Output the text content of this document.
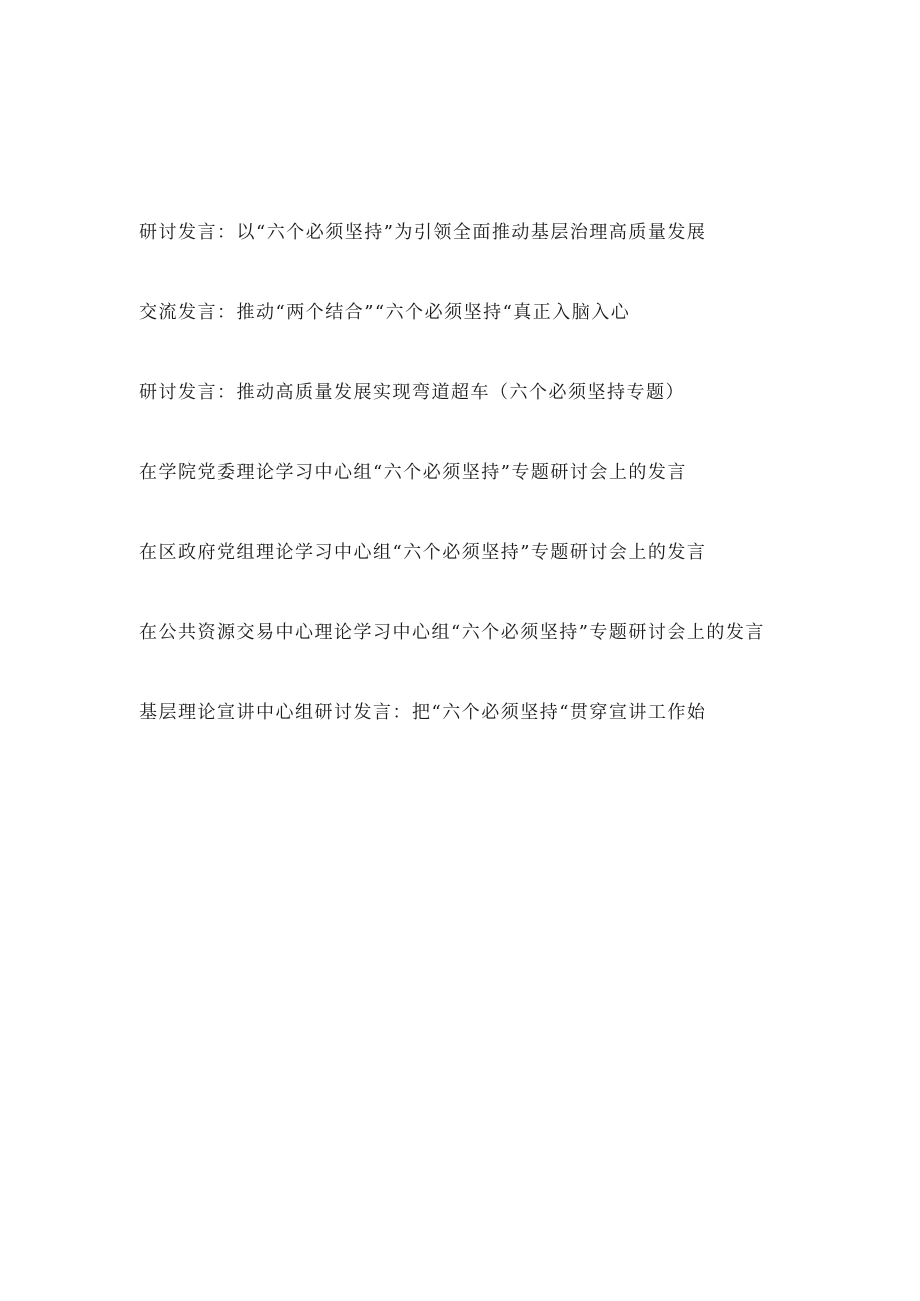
研讨发言：以“六个必须坚持”为引领全面推动基层治理高质量发展

交流发言：推动“两个结合”“六个必须坚持“真正入脑入心

研讨发言：推动高质量发展实现弯道超车（六个必须坚持专题）

在学院党委理论学习中心组“六个必须坚持”专题研讨会上的发言

在区政府党组理论学习中心组“六个必须坚持”专题研讨会上的发言

在公共资源交易中心理论学习中心组“六个必须坚持”专题研讨会上的发言

基层理论宣讲中心组研讨发言：把“六个必须坚持“贯穿宣讲工作始
